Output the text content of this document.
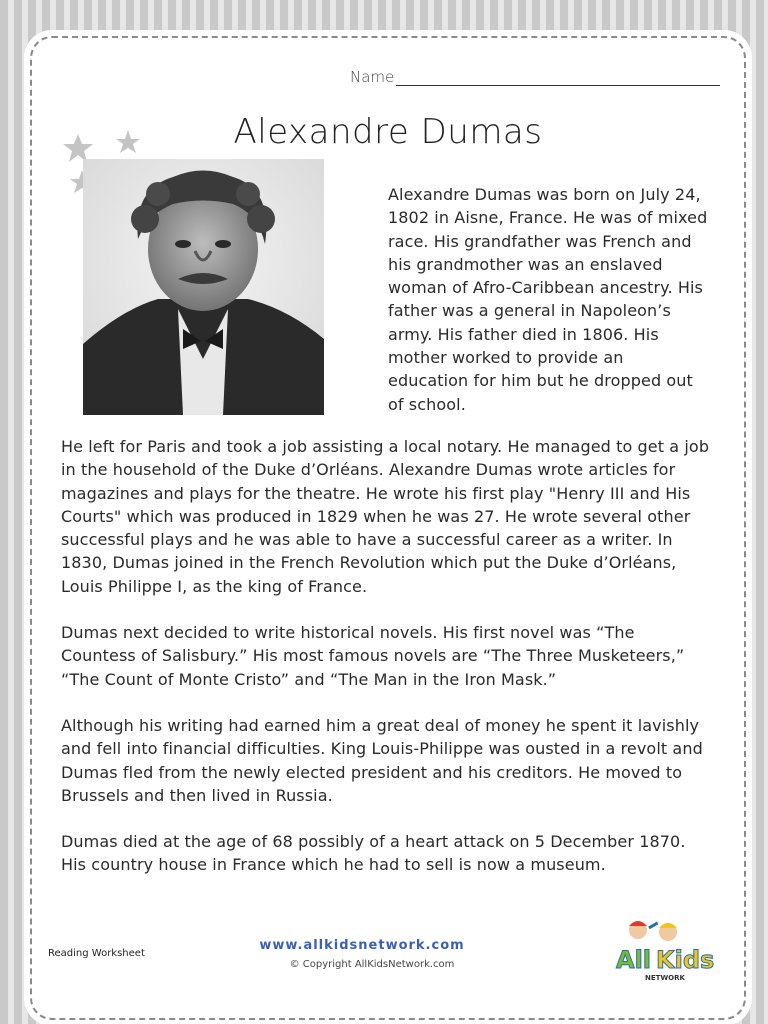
Name
Alexandre Dumas
Alexandre Dumas was born on July 24, 1802 in Aisne, France. He was of mixed race. His grandfather was French and his grandmother was an enslaved woman of Afro-Caribbean ancestry. His father was a general in Napoleon’s army. His father died in 1806. His mother worked to provide an education for him but he dropped out of school.
He left for Paris and took a job assisting a local notary. He managed to get a job in the household of the Duke d’Orléans. Alexandre Dumas wrote articles for magazines and plays for the theatre. He wrote his first play "Henry III and His Courts" which was produced in 1829 when he was 27. He wrote several other successful plays and he was able to have a successful career as a writer. In 1830, Dumas joined in the French Revolution which put the Duke d’Orléans, Louis Philippe I, as the king of France.
Dumas next decided to write historical novels. His first novel was “The Countess of Salisbury.” His most famous novels are “The Three Musketeers,” “The Count of Monte Cristo” and “The Man in the Iron Mask.”
Although his writing had earned him a great deal of money he spent it lavishly and fell into financial difficulties. King Louis-Philippe was ousted in a revolt and Dumas fled from the newly elected president and his creditors. He moved to Brussels and then lived in Russia.
Dumas died at the age of 68 possibly of a heart attack on 5 December 1870. His country house in France which he had to sell is now a museum.
Reading Worksheet
www.allkidsnetwork.com
© Copyright AllKidsNetwork.com	All Kids
NETWORK
